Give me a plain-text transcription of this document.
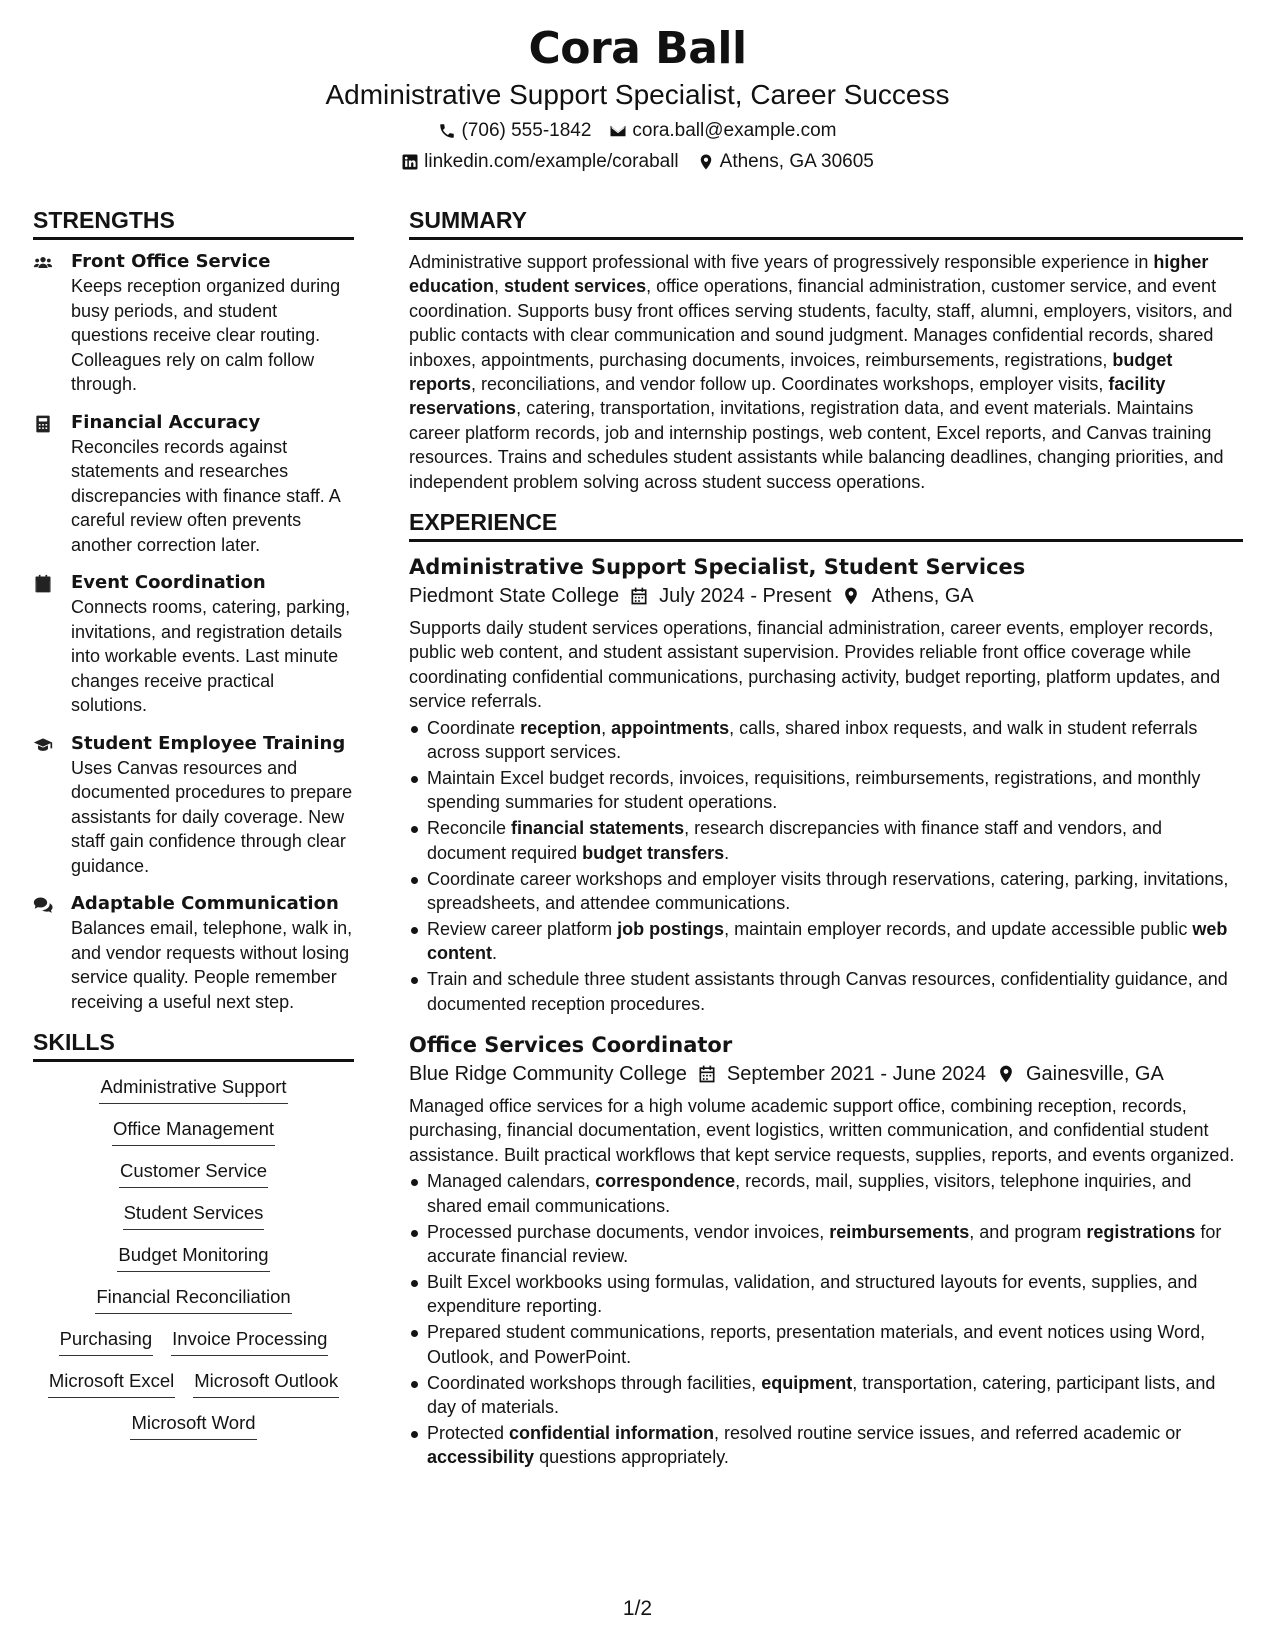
Cora Ball
Administrative Support Specialist, Career Success
(706) 555-1842 cora.ball@example.com
linkedin.com/example/coraball Athens, GA 30605
STRENGTHS
Front Office Service
Keeps reception organized during busy periods, and student questions receive clear routing. Colleagues rely on calm follow through.
Financial Accuracy
Reconciles records against statements and researches discrepancies with finance staff. A careful review often prevents another correction later.
Event Coordination
Connects rooms, catering, parking, invitations, and registration details into workable events. Last minute changes receive practical solutions.
Student Employee Training
Uses Canvas resources and documented procedures to prepare assistants for daily coverage. New staff gain confidence through clear guidance.
Adaptable Communication
Balances email, telephone, walk in, and vendor requests without losing service quality. People remember receiving a useful next step.
SKILLS
Administrative Support
Office Management
Customer Service
Student Services
Budget Monitoring
Financial Reconciliation
Purchasing Invoice Processing
Microsoft Excel Microsoft Outlook
Microsoft Word
SUMMARY
Administrative support professional with five years of progressively responsible experience in higher education, student services, office operations, financial administration, customer service, and event coordination. Supports busy front offices serving students, faculty, staff, alumni, employers, visitors, and public contacts with clear communication and sound judgment. Manages confidential records, shared inboxes, appointments, purchasing documents, invoices, reimbursements, registrations, budget reports, reconciliations, and vendor follow up. Coordinates workshops, employer visits, facility reservations, catering, transportation, invitations, registration data, and event materials. Maintains career platform records, job and internship postings, web content, Excel reports, and Canvas training resources. Trains and schedules student assistants while balancing deadlines, changing priorities, and independent problem solving across student success operations.
EXPERIENCE
Administrative Support Specialist, Student Services
Piedmont State College July 2024 - Present Athens, GA
Supports daily student services operations, financial administration, career events, employer records, public web content, and student assistant supervision. Provides reliable front office coverage while coordinating confidential communications, purchasing activity, budget reporting, platform updates, and service referrals.
Coordinate reception, appointments, calls, shared inbox requests, and walk in student referrals across support services.
Maintain Excel budget records, invoices, requisitions, reimbursements, registrations, and monthly spending summaries for student operations.
Reconcile financial statements, research discrepancies with finance staff and vendors, and document required budget transfers.
Coordinate career workshops and employer visits through reservations, catering, parking, invitations, spreadsheets, and attendee communications.
Review career platform job postings, maintain employer records, and update accessible public web content.
Train and schedule three student assistants through Canvas resources, confidentiality guidance, and documented reception procedures.
Office Services Coordinator
Blue Ridge Community College September 2021 - June 2024 Gainesville, GA
Managed office services for a high volume academic support office, combining reception, records, purchasing, financial documentation, event logistics, written communication, and confidential student assistance. Built practical workflows that kept service requests, supplies, reports, and events organized.
Managed calendars, correspondence, records, mail, supplies, visitors, telephone inquiries, and shared email communications.
Processed purchase documents, vendor invoices, reimbursements, and program registrations for accurate financial review.
Built Excel workbooks using formulas, validation, and structured layouts for events, supplies, and expenditure reporting.
Prepared student communications, reports, presentation materials, and event notices using Word, Outlook, and PowerPoint.
Coordinated workshops through facilities, equipment, transportation, catering, participant lists, and day of materials.
Protected confidential information, resolved routine service issues, and referred academic or accessibility questions appropriately.
1/2
